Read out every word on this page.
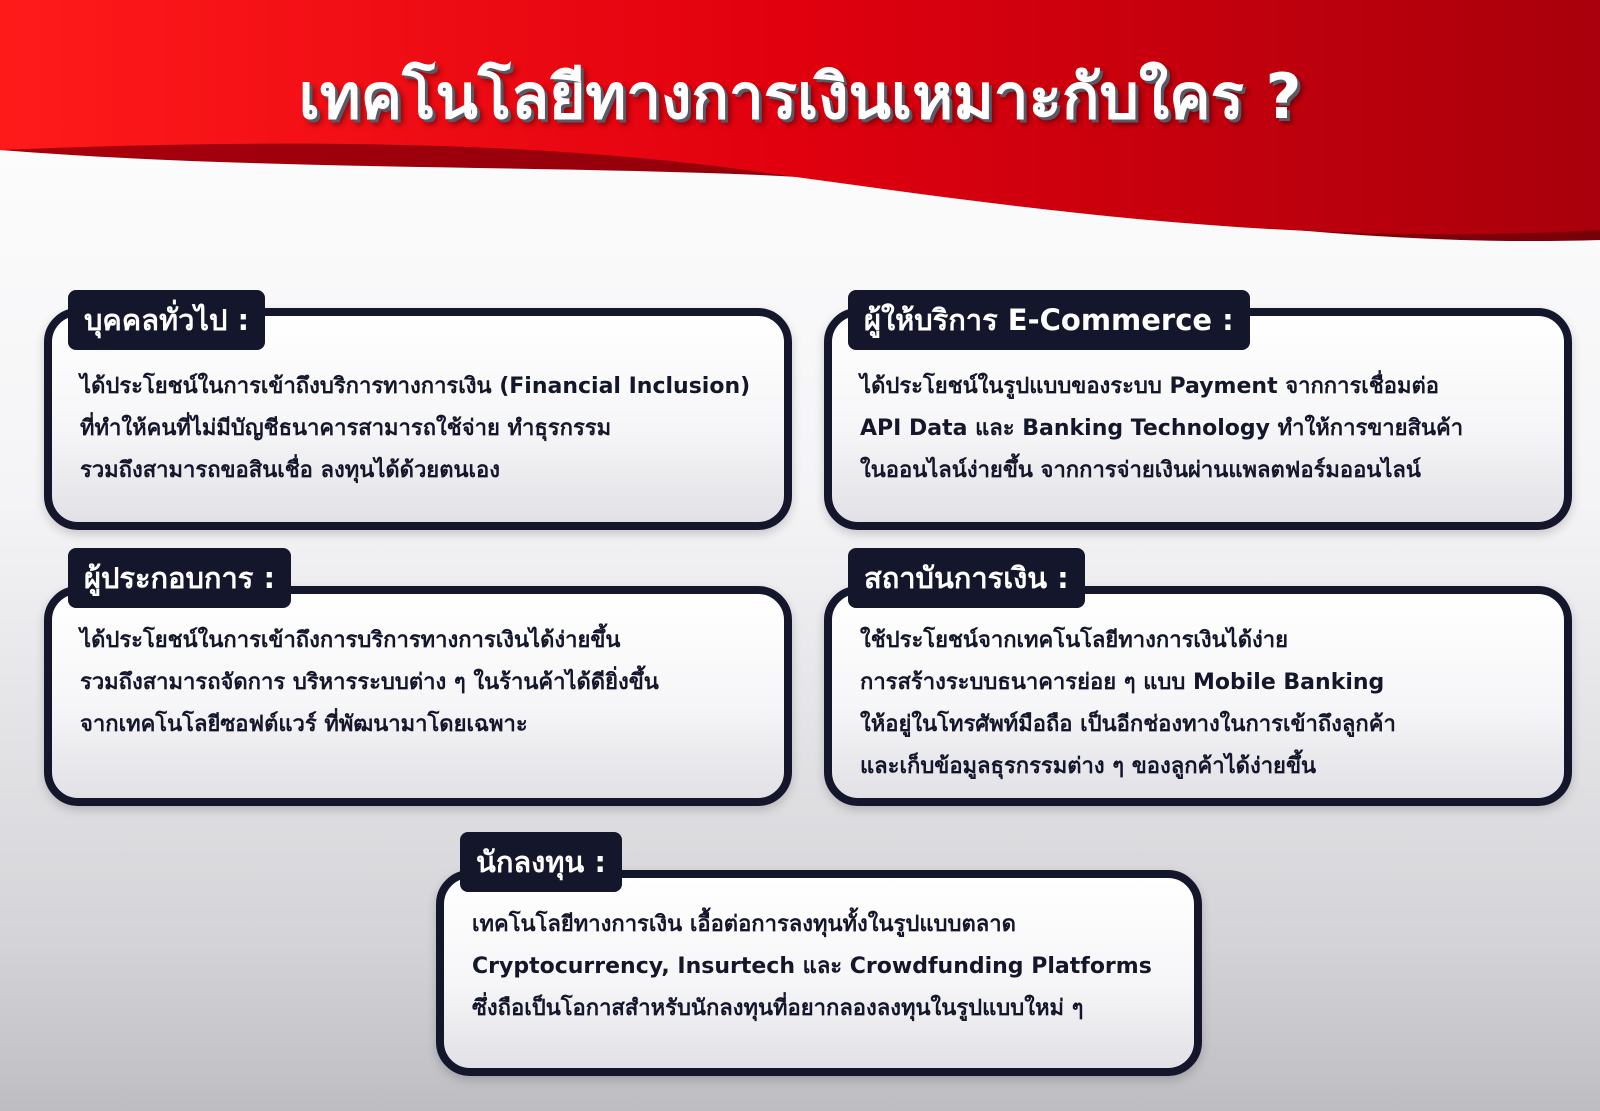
เทคโนโลยีทางการเงินเหมาะกับใคร ?
บุคคลทั่วไป :
ได้ประโยชน์ในการเข้าถึงบริการทางการเงิน (Financial Inclusion)
ที่ทำให้คนที่ไม่มีบัญชีธนาคารสามารถใช้จ่าย ทำธุรกรรม
รวมถึงสามารถขอสินเชื่อ ลงทุนได้ด้วยตนเอง
ผู้ให้บริการ E-Commerce :
ได้ประโยชน์ในรูปแบบของระบบ Payment จากการเชื่อมต่อ
API Data และ Banking Technology ทำให้การขายสินค้า
ในออนไลน์ง่ายขึ้น จากการจ่ายเงินผ่านแพลตฟอร์มออนไลน์
ผู้ประกอบการ :
ได้ประโยชน์ในการเข้าถึงการบริการทางการเงินได้ง่ายขึ้น
รวมถึงสามารถจัดการ บริหารระบบต่าง ๆ ในร้านค้าได้ดียิ่งขึ้น
จากเทคโนโลยีซอฟต์แวร์ ที่พัฒนามาโดยเฉพาะ
สถาบันการเงิน :
ใช้ประโยชน์จากเทคโนโลยีทางการเงินได้ง่าย
การสร้างระบบธนาคารย่อย ๆ แบบ Mobile Banking
ให้อยู่ในโทรศัพท์มือถือ เป็นอีกช่องทางในการเข้าถึงลูกค้า
และเก็บข้อมูลธุรกรรมต่าง ๆ ของลูกค้าได้ง่ายขึ้น
นักลงทุน :
เทคโนโลยีทางการเงิน เอื้อต่อการลงทุนทั้งในรูปแบบตลาด
Cryptocurrency, Insurtech และ Crowdfunding Platforms
ซึ่งถือเป็นโอกาสสำหรับนักลงทุนที่อยากลองลงทุนในรูปแบบใหม่ ๆ
